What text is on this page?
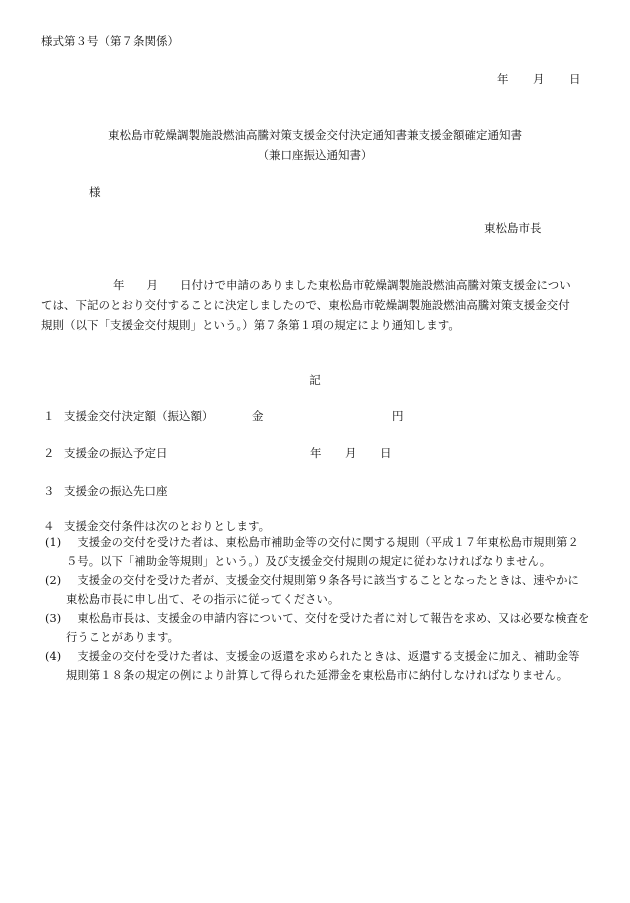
様式第３号（第７条関係）
年 月 日
東松島市乾燥調製施設燃油高騰対策支援金交付決定通知書兼支援金額確定通知書
（兼口座振込通知書）
様
東松島市長
年 月 日付けで申請のありました東松島市乾燥調製施設燃油高騰対策支援金につい
ては、下記のとおり交付することに決定しましたので、東松島市乾燥調製施設燃油高騰対策支援金交付
規則（以下「支援金交付規則」という。）第７条第１項の規定により通知します。
記
１ 支援金交付決定額（振込額）	金	円
２ 支援金の振込予定日	年 月 日
３ 支援金の振込先口座
４ 支援金交付条件は次のとおりとします。
(1) 　支援金の交付を受けた者は、東松島市補助金等の交付に関する規則（平成１７年東松島市規則第２５号。以下「補助金等規則」という。）及び支援金交付規則の規定に従わなければなりません。
(2) 　支援金の交付を受けた者が、支援金交付規則第９条各号に該当することとなったときは、速やかに東松島市長に申し出て、その指示に従ってください。
(3) 　東松島市長は、支援金の申請内容について、交付を受けた者に対して報告を求め、又は必要な検査を行うことがあります。
(4) 　支援金の交付を受けた者は、支援金の返還を求められたときは、返還する支援金に加え、補助金等規則第１８条の規定の例により計算して得られた延滞金を東松島市に納付しなければなりません。
